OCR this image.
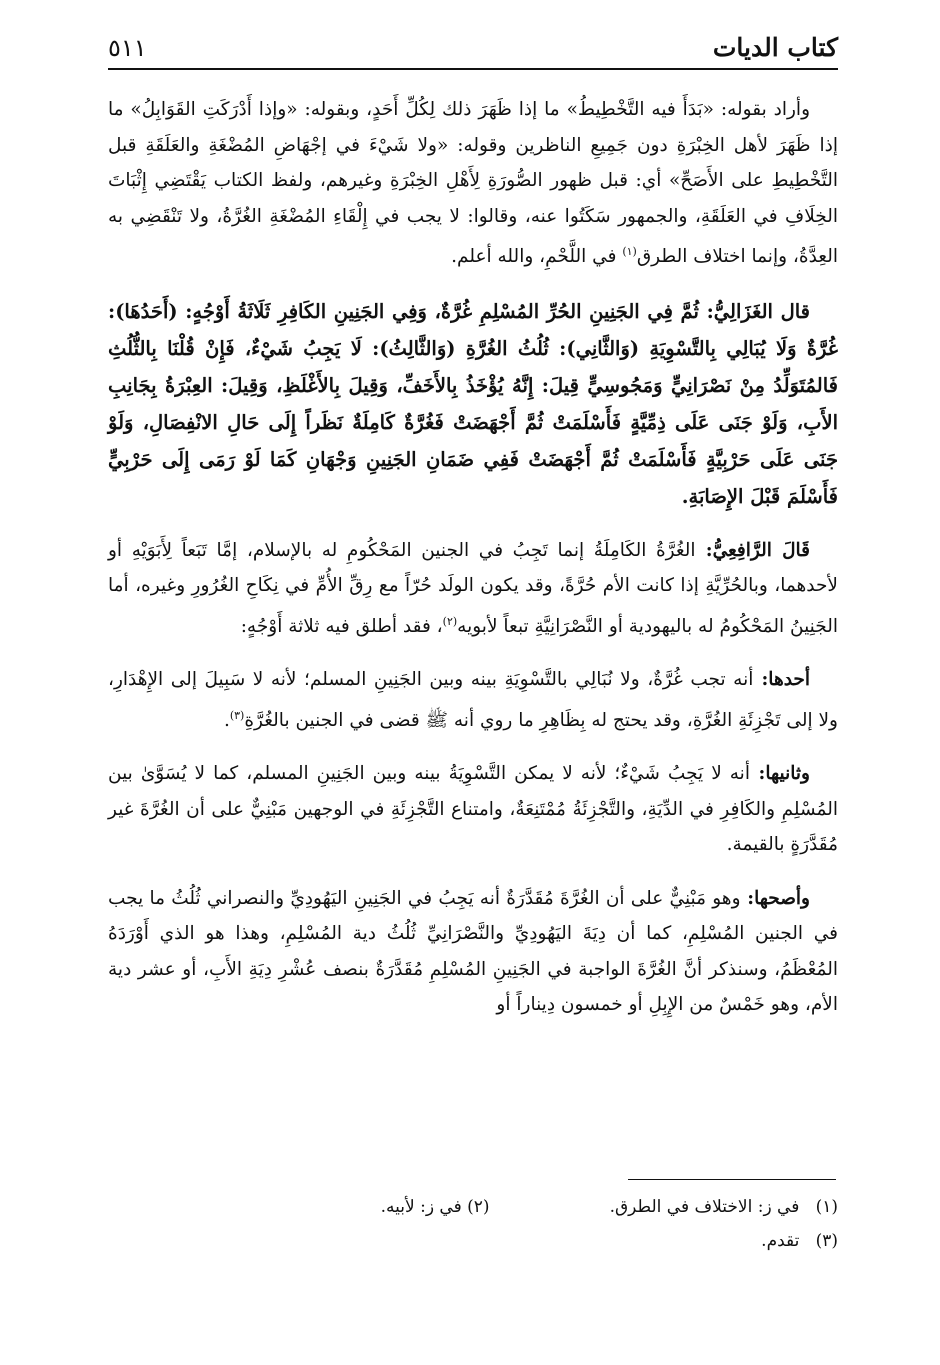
٥١١	كتاب الديات

وأراد بقوله: «بَدَأَ فيه التَّخْطِيطُ» ما إذا ظَهَرَ ذلك لِكُلِّ أَحَدٍ، وبقوله: «وإذا أَدْرَكَتِ القَوَابِلُ» ما إذا ظَهَرَ لأهل الخِبْرَةِ دون جَمِيعِ الناظرين وقوله: «ولا شَيْءَ في إجْهَاضِ المُضْغَةِ والعَلَقَةِ قبل التَّخْطِيطِ على الأَصَحِّ» أي: قبل ظهور الصُّورَةِ لِأَهْلِ الخِبْرَةِ وغيرهم، ولفظ الكتاب يَقْتَضِي إِثْبَاتَ الخِلَافِ في العَلَقَةِ، والجمهور سَكَتُوا عنه، وقالوا: لا يجب في إِلْقَاءِ المُضْغَةِ الغُرَّةُ، ولا تَنْقَضِي به العِدَّةُ، وإنما اختلاف الطرق$^{(١)}$ في اللَّحْمِ، والله أعلم.

قال الغَزَالِيُّ: ثُمَّ فِي الجَنِينِ الحُرِّ المُسْلِمِ غُرَّةٌ، وَفِي الجَنِينِ الكَافِرِ ثَلَاثَةُ أَوْجُهٍ: (أَحَدُهَا): غُرَّةٌ وَلَا يُبَالِي بِالتَّسْوِيَةِ (وَالثَّانِي): ثُلُثُ الغُرَّةِ (وَالثَّالِثُ): لَا يَجِبُ شَيْءٌ، فَإِنْ قُلْنَا بِالثُّلُثِ فَالمُتَوَلِّدُ مِنْ نَصْرَانِيٍّ وَمَجُوسِيٍّ قِيلَ: إِنَّهُ يُؤْخَذُ بِالأَخَفِّ، وَقِيلَ بِالأَغْلَظِ، وَقِيلَ: العِبْرَةُ بِجَانِبِ الأَبِ، وَلَوْ جَنَى عَلَى ذِمِّيَّةٍ فَأَسْلَمَتْ ثُمَّ أَجْهَضَتْ فَغُرَّةٌ كَامِلَةٌ نَظَراً إِلَى حَالِ الانْفِصَالِ، وَلَوْ جَنَى عَلَى حَرْبِيَّةٍ فَأَسْلَمَتْ ثُمَّ أَجْهَضَتْ فَفِي ضَمَانِ الجَنِينِ وَجْهَانِ كَمَا لَوْ رَمَى إِلَى حَرْبِيٍّ فَأَسْلَمَ قَبْلَ الإِصَابَةِ.

قَالَ الرَّافِعِيُّ: الغُرَّةُ الكَامِلَةُ إنما تَجِبُ في الجنين المَحْكُومِ له بالإسلام، إمَّا تَبَعاً لِأَبَوَيْهِ أو لأحدهما، وبالحُرِّيَّةِ إذا كانت الأم حُرَّةً، وقد يكون الولَد حُرّاً مع رِقِّ الأُمِّ في نِكَاحِ الغُرُورِ وغيره، أما الجَنِينُ المَحْكُومُ له باليهودية أو النَّصْرَانِيَّةِ تبعاً لأبويه$^{(٢)}$، فقد أطلق فيه ثلاثة أَوْجُهٍ:

أحدها: أنه تجب غُرَّةٌ، ولا نُبَالِي بالتَّسْوِيَةِ بينه وبين الجَنِينِ المسلم؛ لأنه لا سَبِيلَ إلى الإِهْدَارِ، ولا إلى تَجْزِئَةِ الغُرَّةِ، وقد يحتج له بِظَاهِرِ ما روي أنه ﷺ قضى في الجنين بالغُرَّةِ$^{(٣)}$.

وثانيها: أنه لا يَجِبُ شَيْءٌ؛ لأنه لا يمكن التَّسْوِيَةُ بينه وبين الجَنِينِ المسلم، كما لا يُسَوَّىٰ بين المُسْلِمِ والكَافِرِ في الدِّيَةِ، والتَّجْزِئَةُ مُمْتَنِعَةٌ، وامتناع التَّجْزِئَةِ في الوجهين مَبْنِيٌّ على أن الغُرَّةَ غير مُقَدَّرَةٍ بالقيمة.

وأصحها: وهو مَبْنِيٌّ على أن الغُرَّةَ مُقَدَّرَةٌ أنه يَجِبُ في الجَنِينِ اليَهُودِيِّ والنصراني ثُلُثُ ما يجب في الجنين المُسْلِمِ، كما أن دِيَةَ اليَهُودِيِّ والنَّصْرَانِيِّ ثُلُثُ دية المُسْلِمِ، وهذا هو الذي أَوْرَدَهُ المُعْظَمُ، وسنذكر أنَّ الغُرَّةَ الواجبة في الجَنِينِ المُسْلِمِ مُقَدَّرَةٌ بنصف عُشْرِ دِيَةِ الأَبِ، أو عشر دية الأم، وهو خَمْسٌ من الإِبِلِ أو خمسون دِيناراً أو

(١)   في ز: الاختلاف في الطرق.
(٢) في ز: لأبيه.
(٣)   تقدم.
